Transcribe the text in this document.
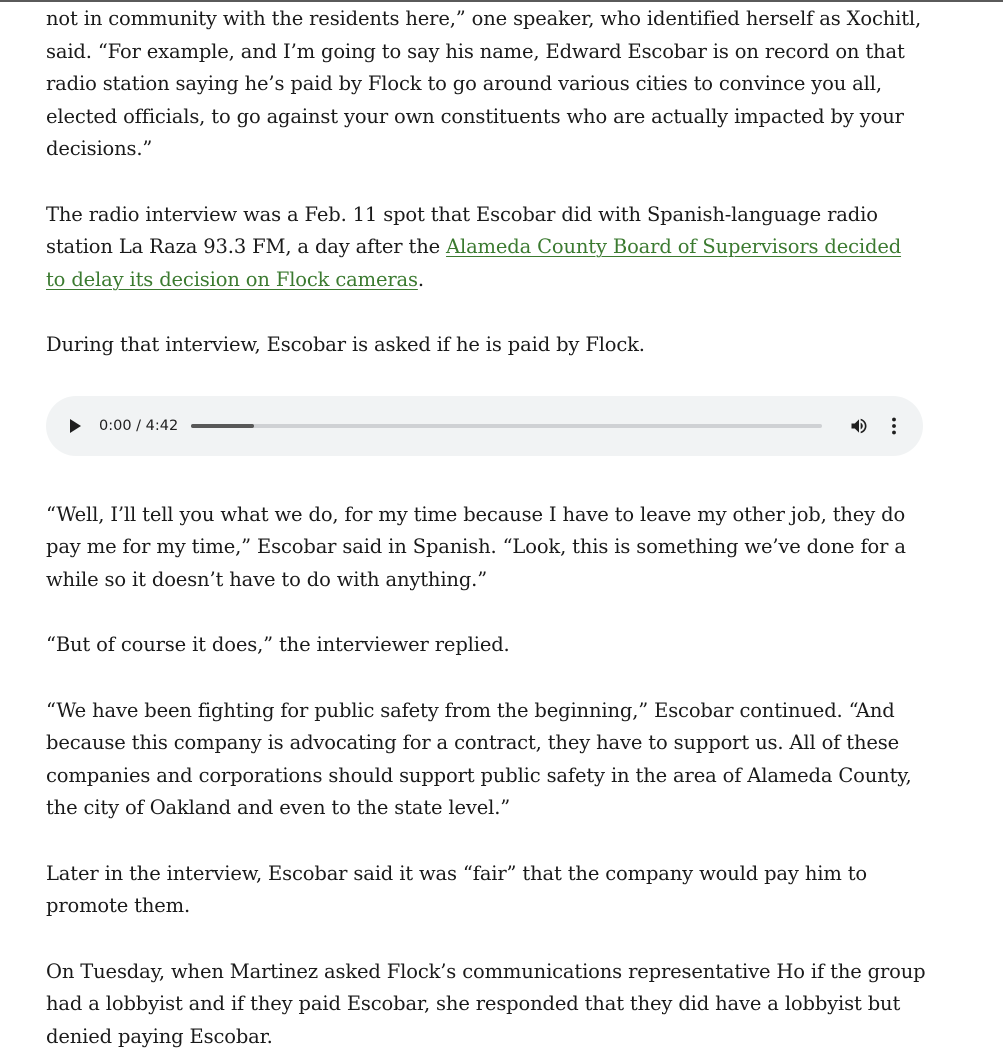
not in community with the residents here,” one speaker, who identified herself as Xochitl, said. “For example, and I’m going to say his name, Edward Escobar is on record on that radio station saying he’s paid by Flock to go around various cities to convince you all, elected officials, to go against your own constituents who are actually impacted by your decisions.”

The radio interview was a Feb. 11 spot that Escobar did with Spanish-language radio station La Raza 93.3 FM, a day after the Alameda County Board of Supervisors decided to delay its decision on Flock cameras.

During that interview, Escobar is asked if he is paid by Flock.

0:00 / 4:42

“Well, I’ll tell you what we do, for my time because I have to leave my other job, they do pay me for my time,” Escobar said in Spanish. “Look, this is something we’ve done for a while so it doesn’t have to do with anything.”

“But of course it does,” the interviewer replied.

“We have been fighting for public safety from the beginning,” Escobar continued. “And because this company is advocating for a contract, they have to support us. All of these companies and corporations should support public safety in the area of Alameda County, the city of Oakland and even to the state level.”

Later in the interview, Escobar said it was “fair” that the company would pay him to promote them.

On Tuesday, when Martinez asked Flock’s communications representative Ho if the group had a lobbyist and if they paid Escobar, she responded that they did have a lobbyist but denied paying Escobar.
